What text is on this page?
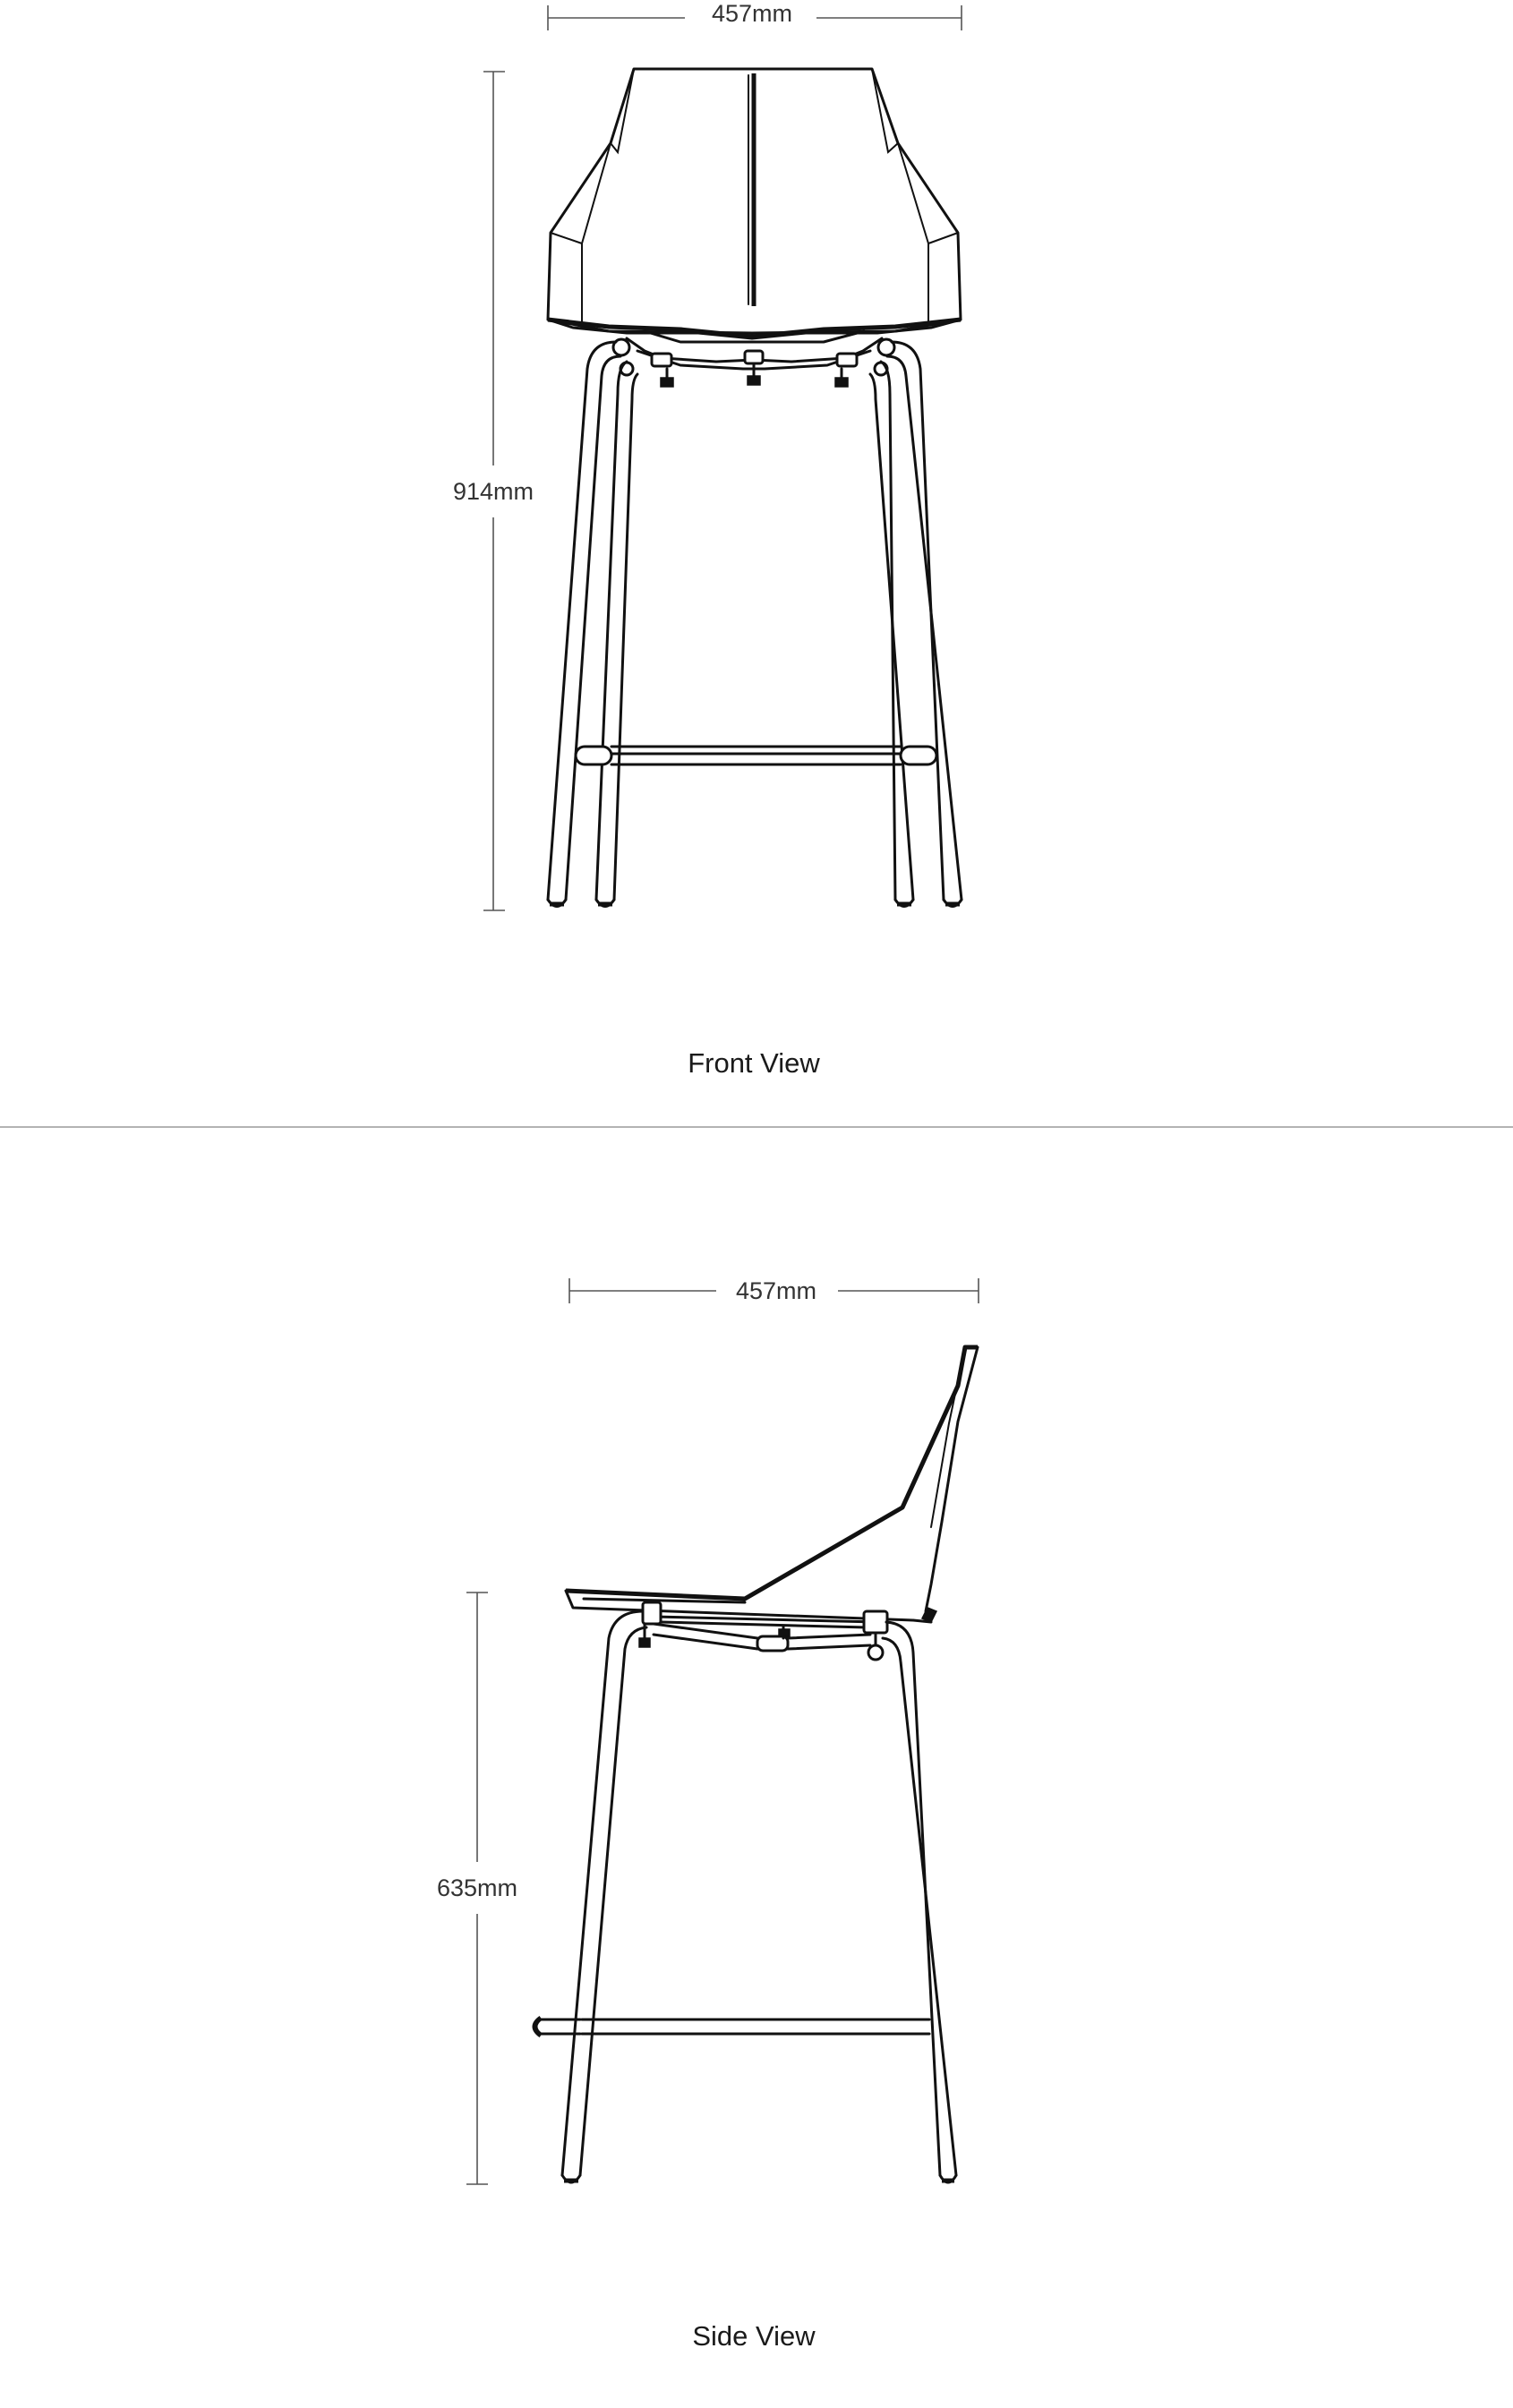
457mm
914mm
Front View
457mm
635mm
Side View
